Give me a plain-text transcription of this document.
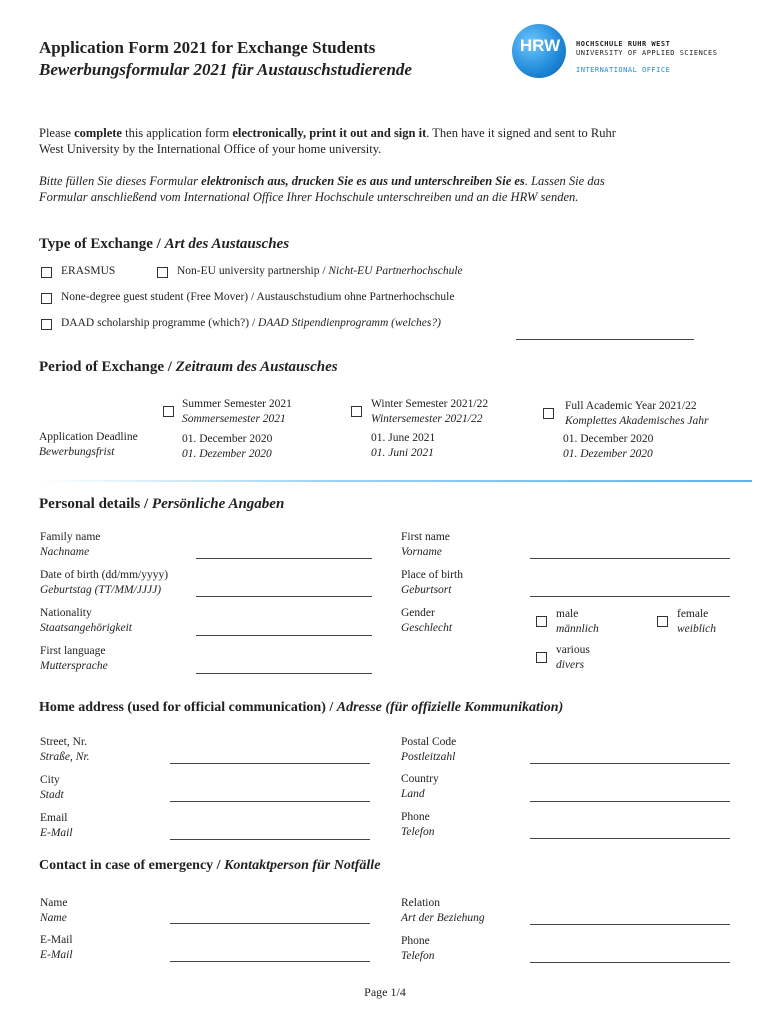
Application Form 2021 for Exchange Students
Bewerbungsformular 2021 für Austauschstudierende
HRW HOCHSCHULE RUHR WEST
UNIVERSITY OF APPLIED SCIENCES
INTERNATIONAL OFFICE
Please complete this application form electronically, print it out and sign it. Then have it signed and sent to Ruhr
West University by the International Office of your home university.
Bitte füllen Sie dieses Formular elektronisch aus, drucken Sie es aus und unterschreiben Sie es. Lassen Sie das
Formular anschließend vom International Office Ihrer Hochschule unterschreiben und an die HRW senden.
Type of Exchange / Art des Austausches
ERASMUS	Non-EU university partnership / Nicht-EU Partnerhochschule
None-degree guest student (Free Mover) / Austauschstudium ohne Partnerhochschule
DAAD scholarship programme (which?) / DAAD Stipendienprogramm (welches?)
Period of Exchange / Zeitraum des Austausches
Summer Semester 2021
Sommersemester 2021
Winter Semester 2021/22
Wintersemester 2021/22
Full Academic Year 2021/22
Komplettes Akademisches Jahr
Application Deadline
Bewerbungsfrist
01. December 2020
01. Dezember 2020
01. June 2021
01. Juni 2021
01. December 2020
01. Dezember 2020
Personal details / Persönliche Angaben
Family name
Nachname
First name
Vorname
Date of birth (dd/mm/yyyy)
Geburtstag (TT/MM/JJJJ)
Place of birth
Geburtsort
Nationality
Staatsangehörigkeit
Gender
Geschlecht
male
männlich
female
weiblich
First language
Muttersprache
various
divers
Home address (used for official communication) / Adresse (für offizielle Kommunikation)
Street, Nr.
Straße, Nr.
Postal Code
Postleitzahl
City
Stadt
Country
Land
Email
E-Mail
Phone
Telefon
Contact in case of emergency / Kontaktperson für Notfälle
Name
Name
Relation
Art der Beziehung
E-Mail
E-Mail
Phone
Telefon
Page 1/4
